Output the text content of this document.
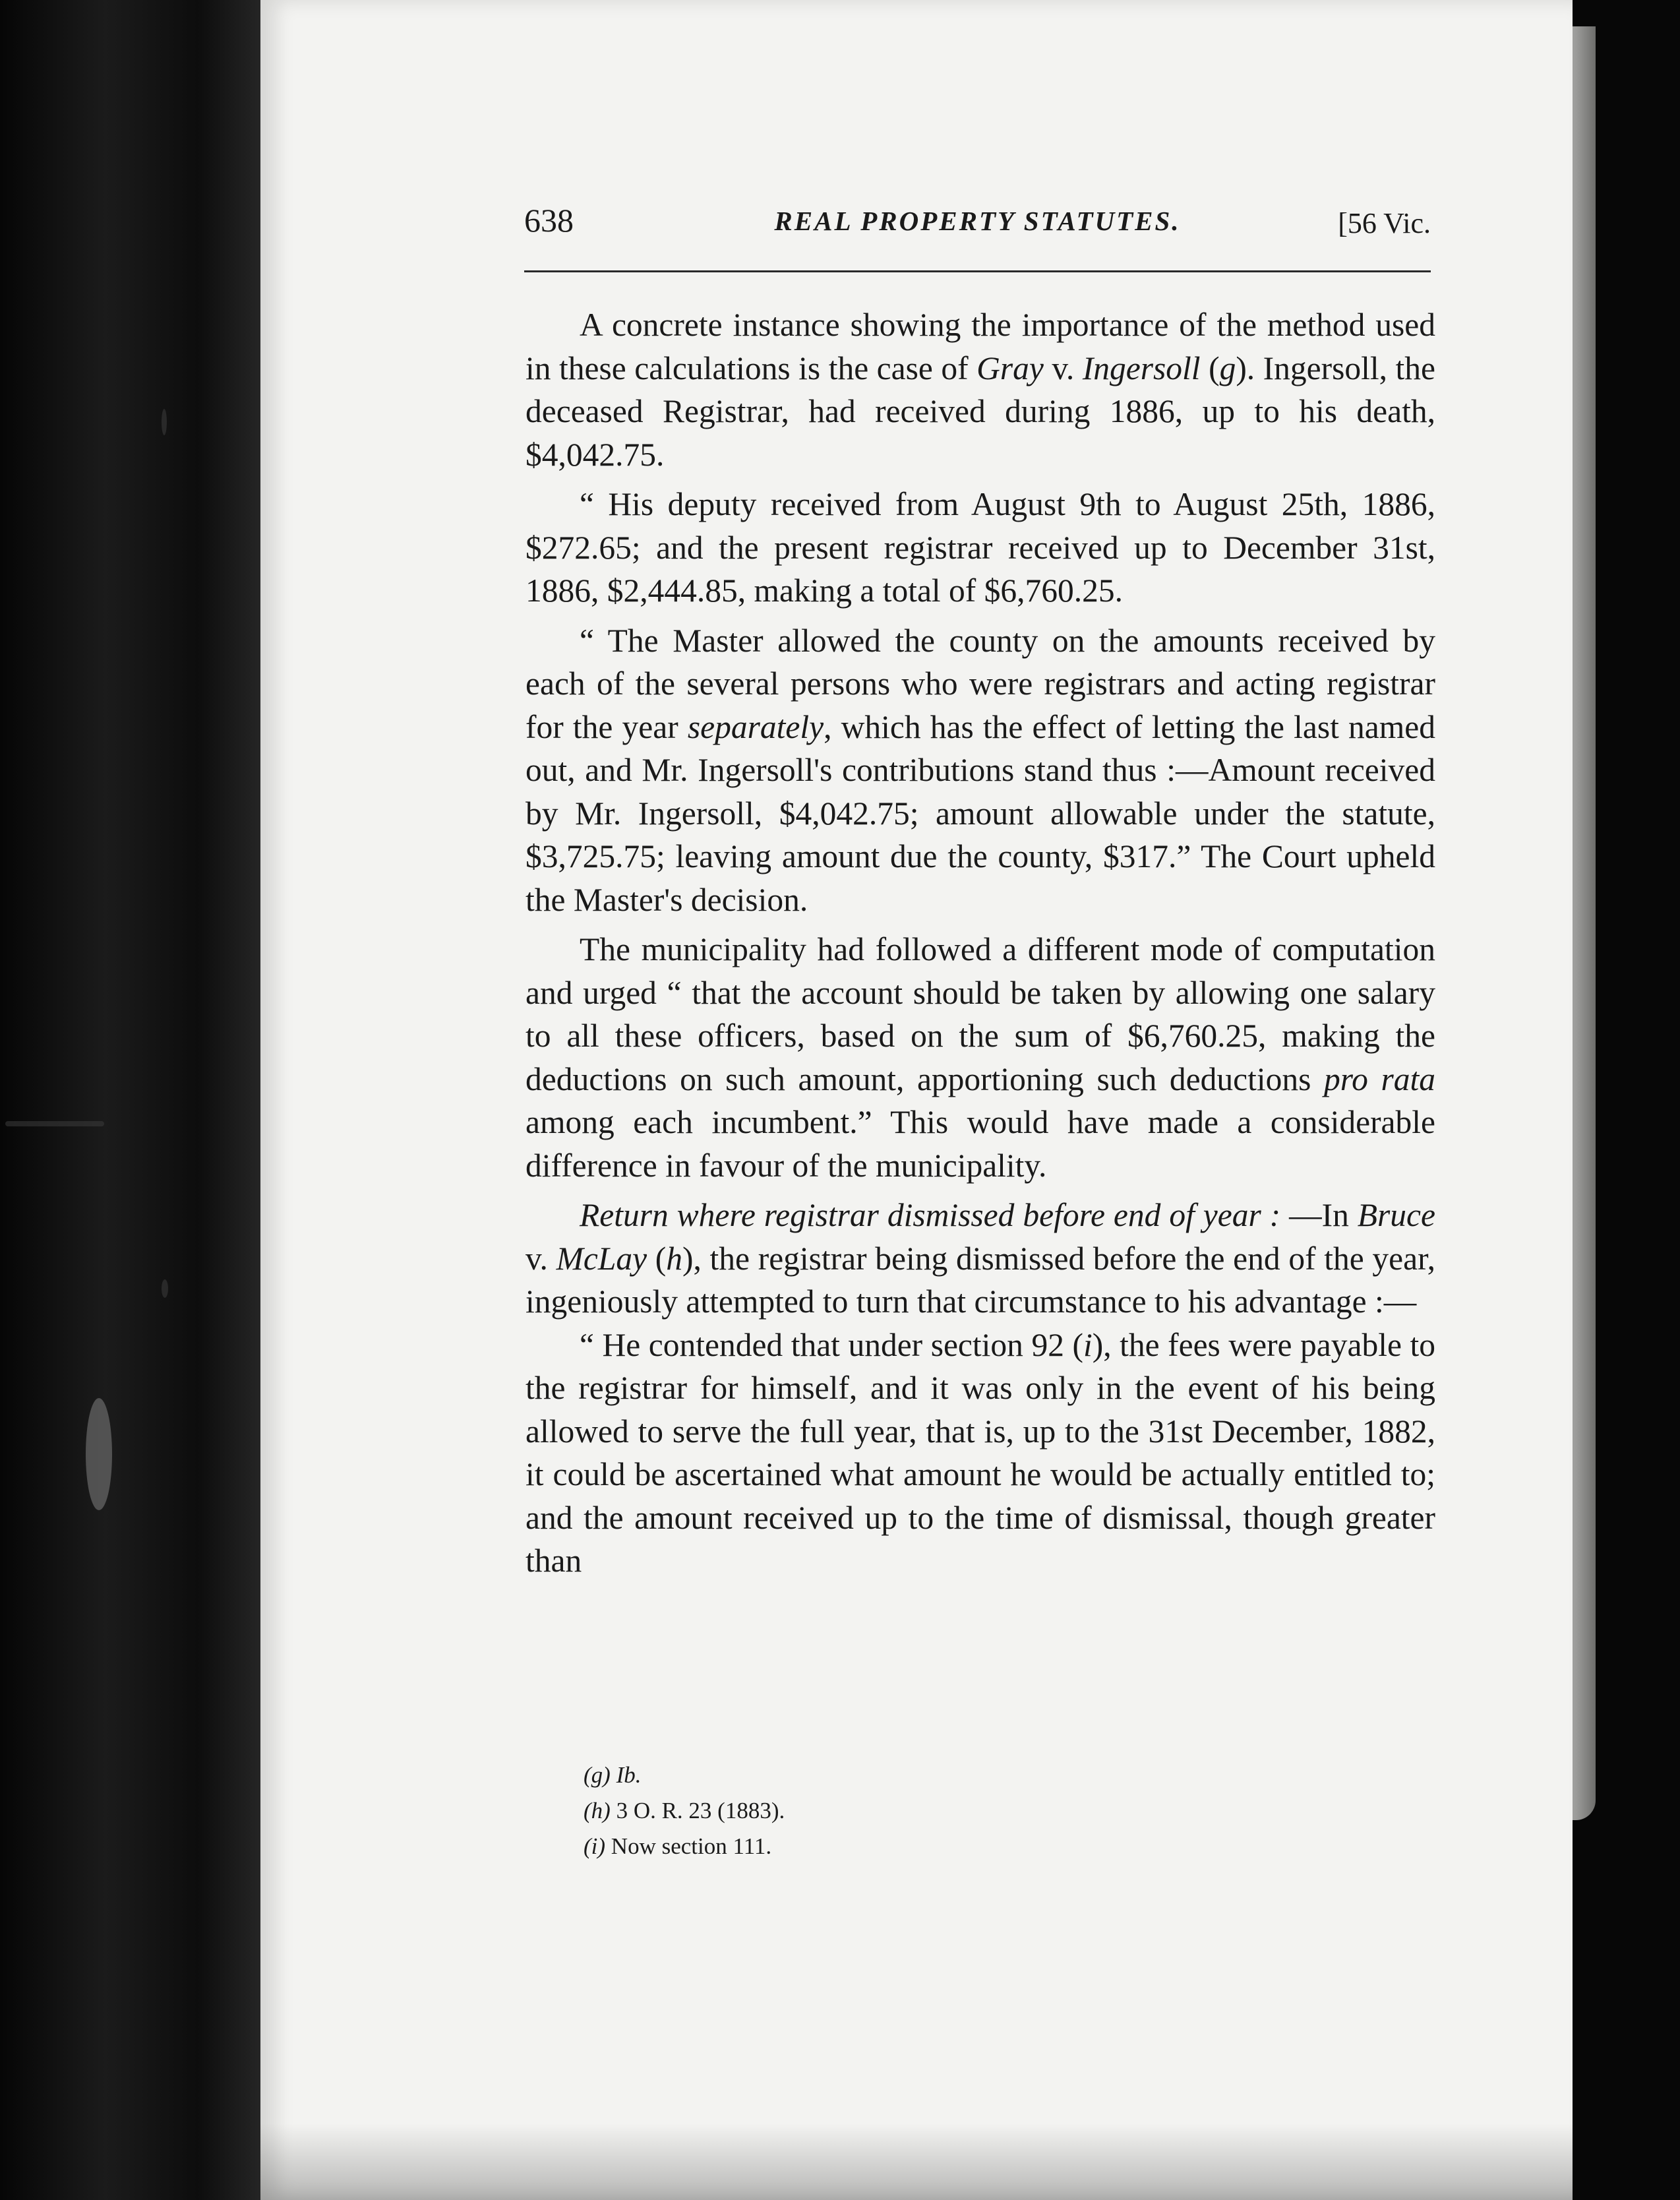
638	REAL PROPERTY STATUTES.	[56 Vic.

A concrete instance showing the importance of the method used in these calculations is the case of Gray v. Ingersoll (g). Ingersoll, the deceased Registrar, had received during 1886, up to his death, $4,042.75.

“ His deputy received from August 9th to August 25th, 1886, $272.65; and the present registrar received up to December 31st, 1886, $2,444.85, making a total of $6,760.25.

“ The Master allowed the county on the amounts received by each of the several persons who were registrars and acting registrar for the year separately, which has the effect of letting the last named out, and Mr. Ingersoll's contributions stand thus :—Amount received by Mr. Ingersoll, $4,042.75; amount allowable under the statute, $3,725.75; leaving amount due the county, $317.” The Court upheld the Master's decision.

The municipality had followed a different mode of computation and urged “ that the account should be taken by allowing one salary to all these officers, based on the sum of $6,760.25, making the deductions on such amount, apportioning such deductions pro rata among each incumbent.” This would have made a considerable difference in favour of the municipality.

Return where registrar dismissed before end of year : —In Bruce v. McLay (h), the registrar being dismissed before the end of the year, ingeniously attempted to turn that circumstance to his advantage :—

“ He contended that under section 92 (i), the fees were payable to the registrar for himself, and it was only in the event of his being allowed to serve the full year, that is, up to the 31st December, 1882, it could be ascertained what amount he would be actually entitled to; and the amount received up to the time of dismissal, though greater than

(g) Ib.
(h) 3 O. R. 23 (1883).
(i) Now section 111.
